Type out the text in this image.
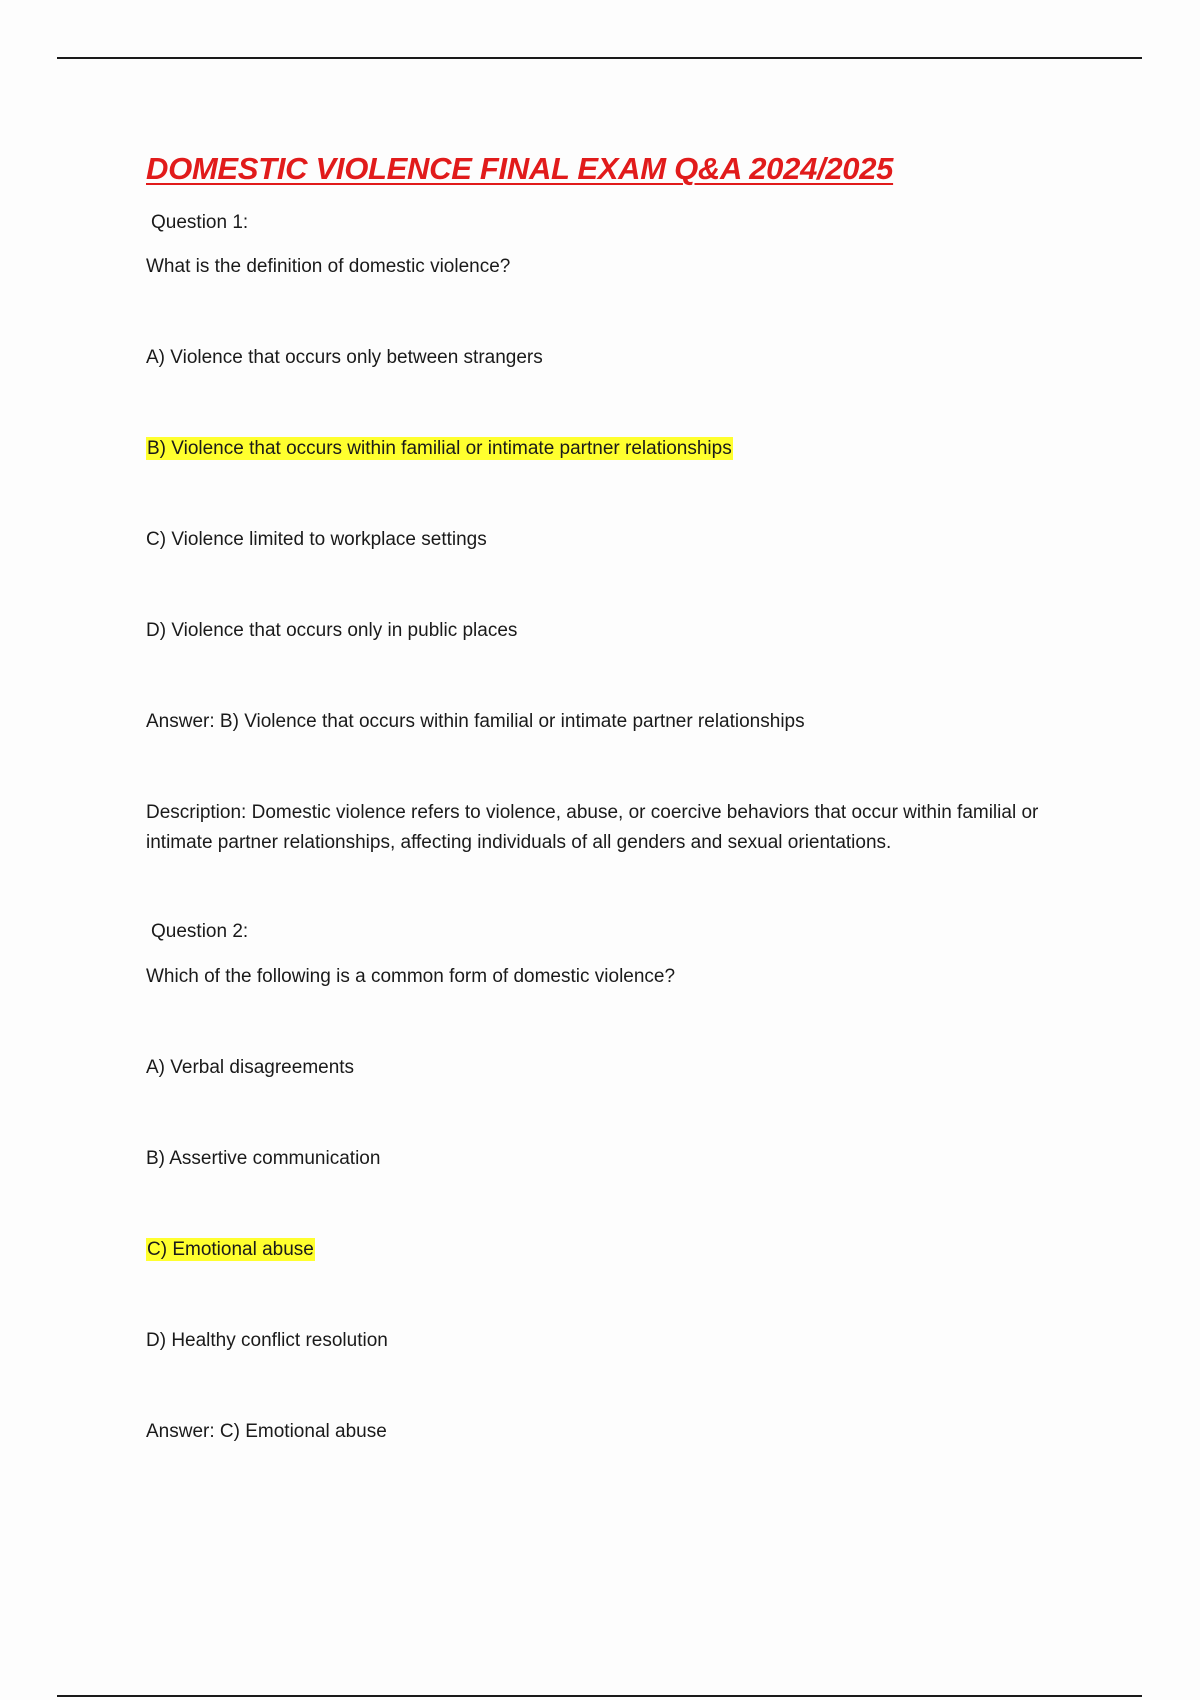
DOMESTIC VIOLENCE FINAL EXAM Q&A 2024/2025

Question 1:

What is the definition of domestic violence?

A) Violence that occurs only between strangers

B) Violence that occurs within familial or intimate partner relationships

C) Violence limited to workplace settings

D) Violence that occurs only in public places

Answer: B) Violence that occurs within familial or intimate partner relationships

Description: Domestic violence refers to violence, abuse, or coercive behaviors that occur within familial or intimate partner relationships, affecting individuals of all genders and sexual orientations.

Question 2:

Which of the following is a common form of domestic violence?

A) Verbal disagreements

B) Assertive communication

C) Emotional abuse

D) Healthy conflict resolution

Answer: C) Emotional abuse
